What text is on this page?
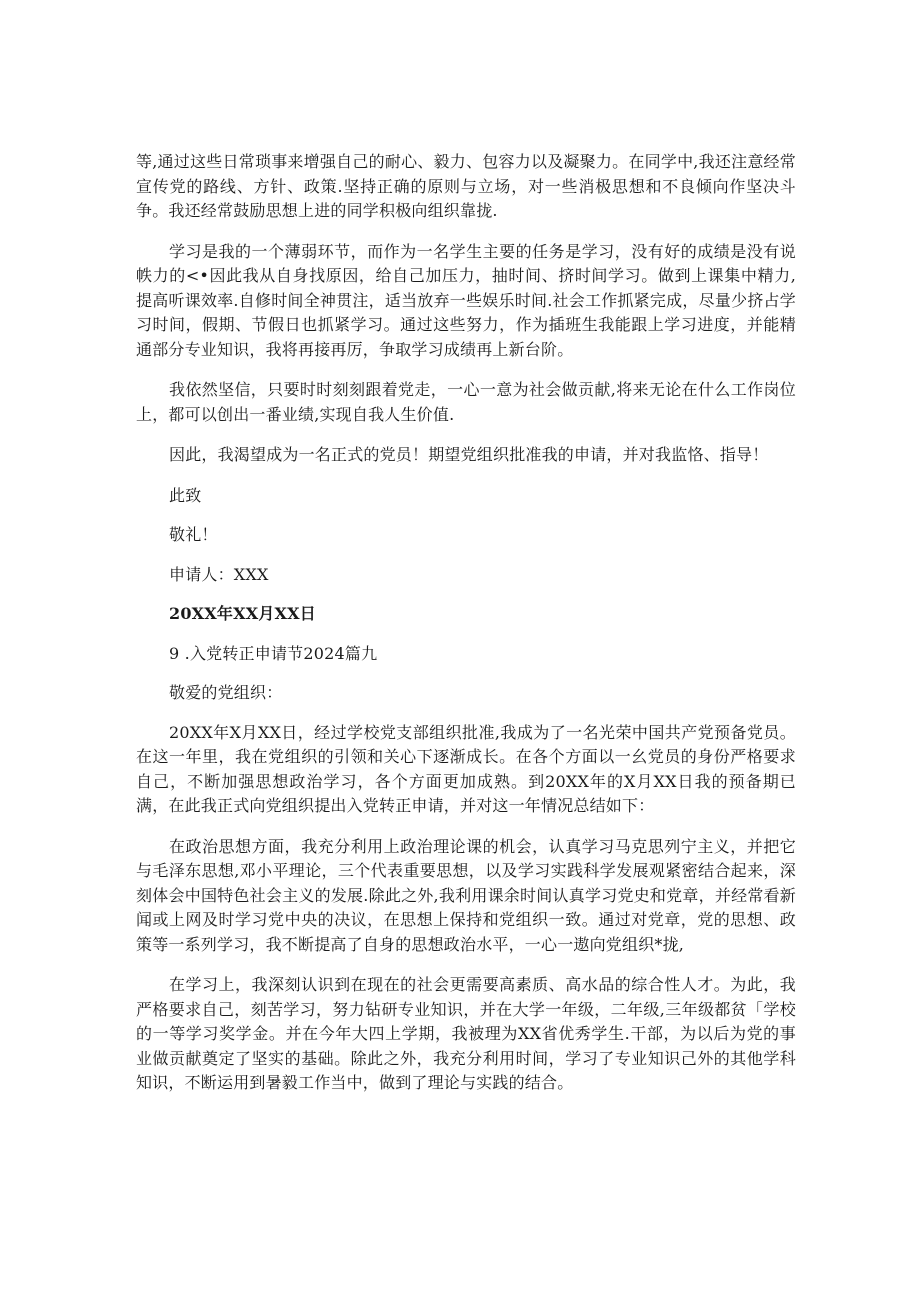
等,通过这些日常琐事来增强自己的耐心、毅力、包容力以及凝聚力。在同学中,我还注意经常宣传党的路线、方针、政策.坚持正确的原则与立场，对一些消极思想和不良倾向作坚决斗争。我还经常鼓励思想上进的同学积极向组织靠拢.

学习是我的一个薄弱环节，而作为一名学生主要的任务是学习，没有好的成绩是没有说帙力的<•因此我从自身找原因，给自己加压力，抽时间、挤时间学习。做到上课集中精力,提高听课效率.自修时间全神贯注，适当放弃一些娱乐时间.社会工作抓紧完成，尽量少挤占学习时间，假期、节假日也抓紧学习。通过这些努力，作为插班生我能跟上学习进度，并能精通部分专业知识，我将再接再厉，争取学习成绩再上新台阶。

我依然坚信，只要时时刻刻跟着党走，一心一意为社会做贡献,将来无论在什么工作岗位上，都可以创出一番业绩,实现自我人生价值.

因此，我渴望成为一名正式的党员！期望党组织批准我的申请，并对我监恪、指导！

此致

敬礼！

申请人：XXX

20XX年XX月XX日

9 .入党转正申请节2024篇九

敬爱的党组织：

20XX年X月XX日，经过学校党支部组织批准,我成为了一名光荣中国共产党预备党员。在这一年里，我在党组织的引领和关心下逐渐成长。在各个方面以一幺党员的身份严格要求自己，不断加强思想政治学习，各个方面更加成熟。到20XX年的X月XX日我的预备期已满，在此我正式向党组织提出入党转正申请，并对这一年情况总结如下：

在政治思想方面，我充分利用上政治理论课的机会，认真学习马克思列宁主义，并把它与毛泽东思想,邓小平理论，三个代表重要思想，以及学习实践科学发展观紧密结合起来，深刻体会中国特色社会主义的发展.除此之外,我利用课余时间认真学习党史和党章，并经常看新闻或上网及时学习党中央的决议，在思想上保持和党组织一致。通过对党章，党的思想、政策等一系列学习，我不断提高了自身的思想政治水平，一心一遨向党组织*拢,

在学习上，我深刻认识到在现在的社会更需要高素质、高水品的综合性人才。为此，我严格要求自己，刻苦学习，努力钻研专业知识，并在大学一年级，二年级,三年级都贫「学校的一等学习奖学金。并在今年大四上学期，我被理为XX省优秀学生.干部，为以后为党的事业做贡献奠定了坚实的基础。除此之外，我充分利用时间，学习了专业知识己外的其他学科知识，不断运用到暑毅工作当中，做到了理论与实践的结合。
